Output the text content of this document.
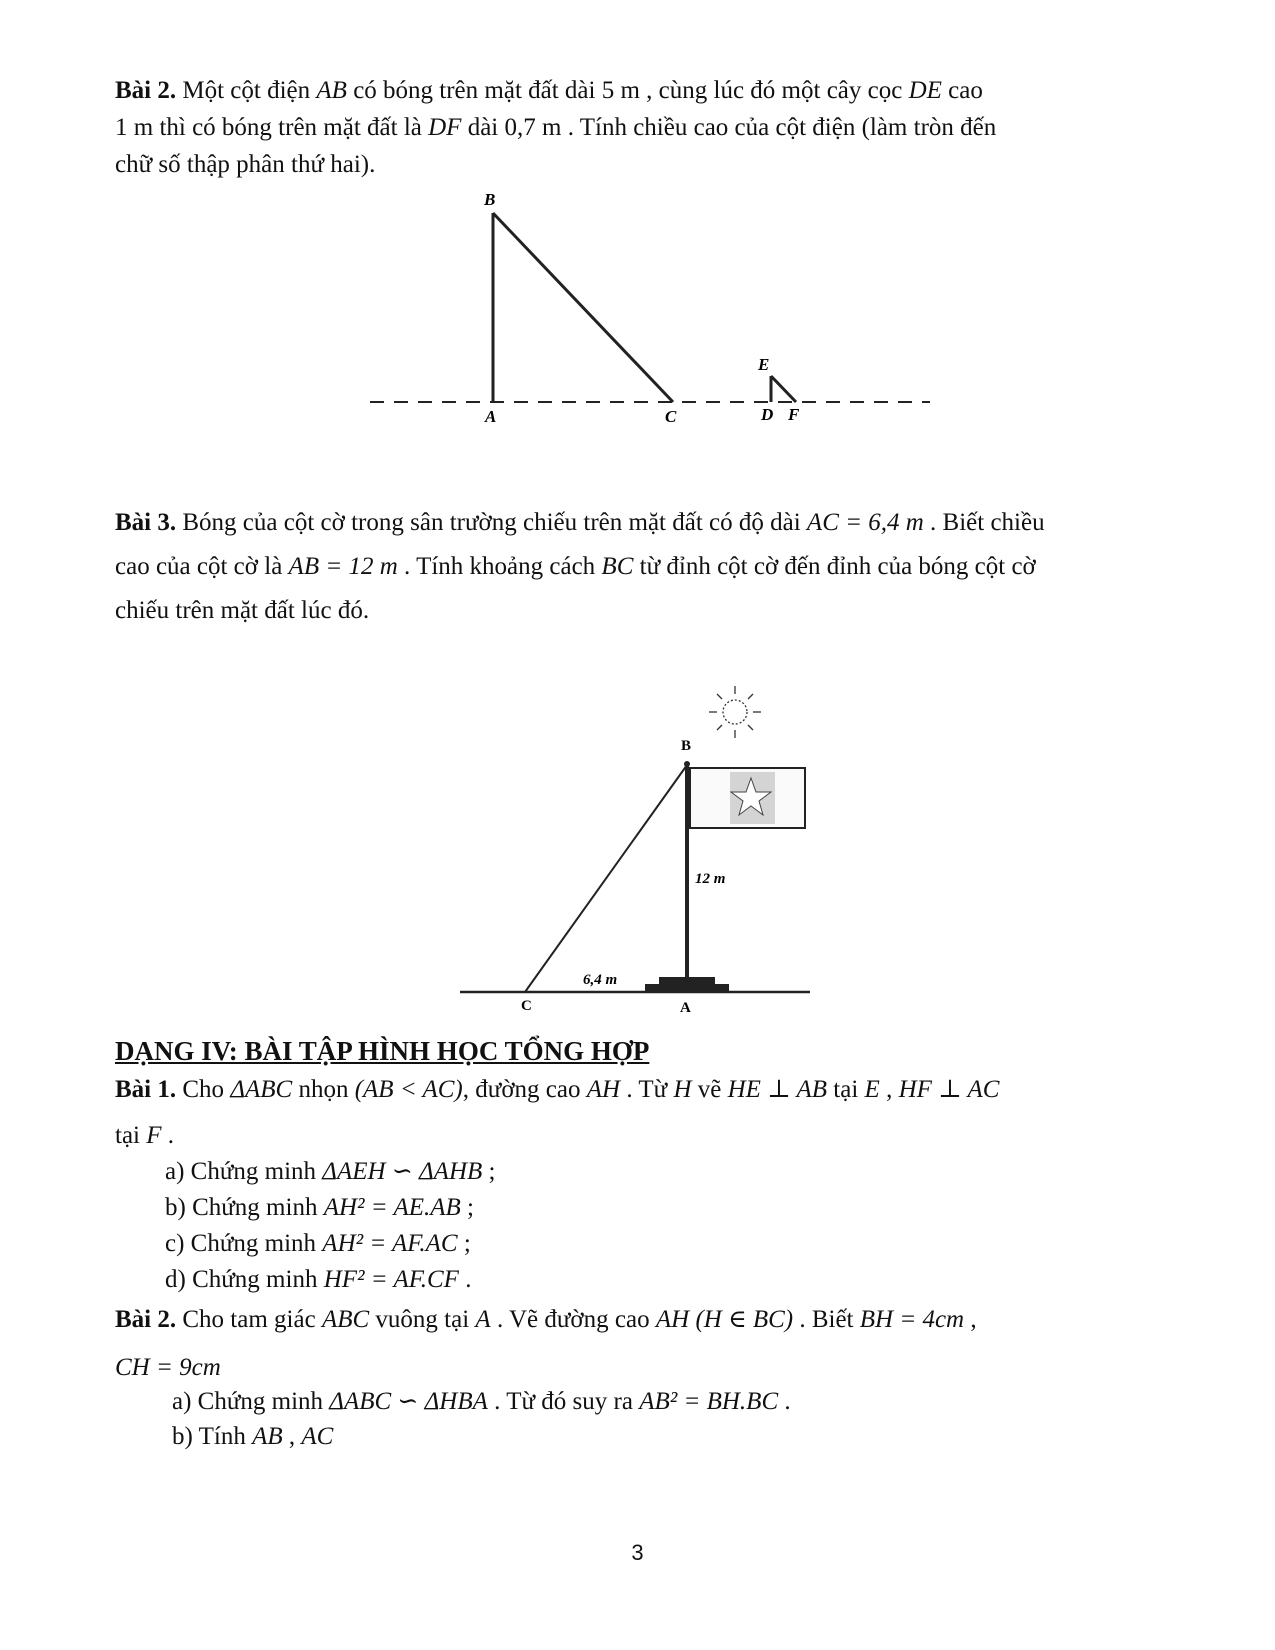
Bài 2. Một cột điện AB có bóng trên mặt đất dài 5 m , cùng lúc đó một cây cọc DE cao
1 m thì có bóng trên mặt đất là DF dài 0,7 m . Tính chiều cao của cột điện (làm tròn đến
chữ số thập phân thứ hai).
B
A	C
E
D F
Bài 3. Bóng của cột cờ trong sân trường chiếu trên mặt đất có độ dài AC = 6,4 m . Biết chiều
cao của cột cờ là AB = 12 m . Tính khoảng cách BC từ đỉnh cột cờ đến đỉnh của bóng cột cờ
chiếu trên mặt đất lúc đó.
B
C	A
12 m
6,4 m
DẠNG IV: BÀI TẬP HÌNH HỌC TỔNG HỢP
Bài 1. Cho ΔABC nhọn (AB < AC), đường cao AH . Từ H vẽ HE ⊥ AB tại E , HF ⊥ AC
tại F .
a) Chứng minh ΔAEH ∽ ΔAHB ;
b) Chứng minh AH² = AE.AB ;
c) Chứng minh AH² = AF.AC ;
d) Chứng minh HF² = AF.CF .
Bài 2. Cho tam giác ABC vuông tại A . Vẽ đường cao AH (H ∈ BC) . Biết BH = 4cm ,
CH = 9cm
a) Chứng minh ΔABC ∽ ΔHBA . Từ đó suy ra AB² = BH.BC .
b) Tính AB , AC
3
